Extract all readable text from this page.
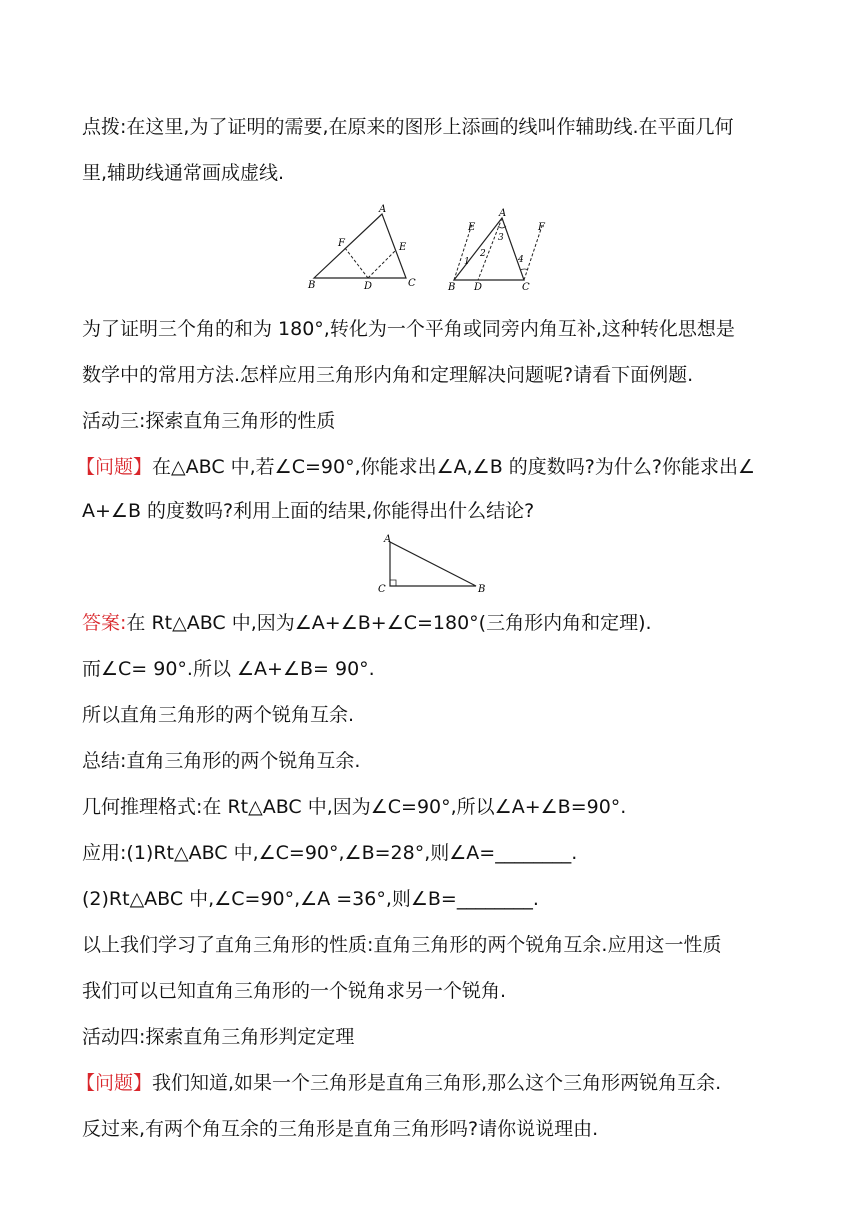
点拨:在这里,为了证明的需要,在原来的图形上添画的线叫作辅助线.在平面几何
里,辅助线通常画成虚线.
A
B	C
D
E
F
A
B	C
D
E	F
1
2
3
4
为了证明三个角的和为 180°,转化为一个平角或同旁内角互补,这种转化思想是
数学中的常用方法.怎样应用三角形内角和定理解决问题呢?请看下面例题.
活动三:探索直角三角形的性质
【问题】在△ABC 中,若∠C=90°,你能求出∠A,∠B 的度数吗?为什么?你能求出∠
A+∠B 的度数吗?利用上面的结果,你能得出什么结论?
A
B
C
答案:在 Rt△ABC 中,因为∠A+∠B+∠C=180°(三角形内角和定理).
而∠C= 90°.所以 ∠A+∠B= 90°.
所以直角三角形的两个锐角互余.
总结:直角三角形的两个锐角互余.
几何推理格式:在 Rt△ABC 中,因为∠C=90°,所以∠A+∠B=90°.
应用:(1)Rt△ABC 中,∠C=90°,∠B=28°,则∠A=________.
(2)Rt△ABC 中,∠C=90°,∠A =36°,则∠B=________.
以上我们学习了直角三角形的性质:直角三角形的两个锐角互余.应用这一性质
我们可以已知直角三角形的一个锐角求另一个锐角.
活动四:探索直角三角形判定定理
【问题】我们知道,如果一个三角形是直角三角形,那么这个三角形两锐角互余.
反过来,有两个角互余的三角形是直角三角形吗?请你说说理由.
